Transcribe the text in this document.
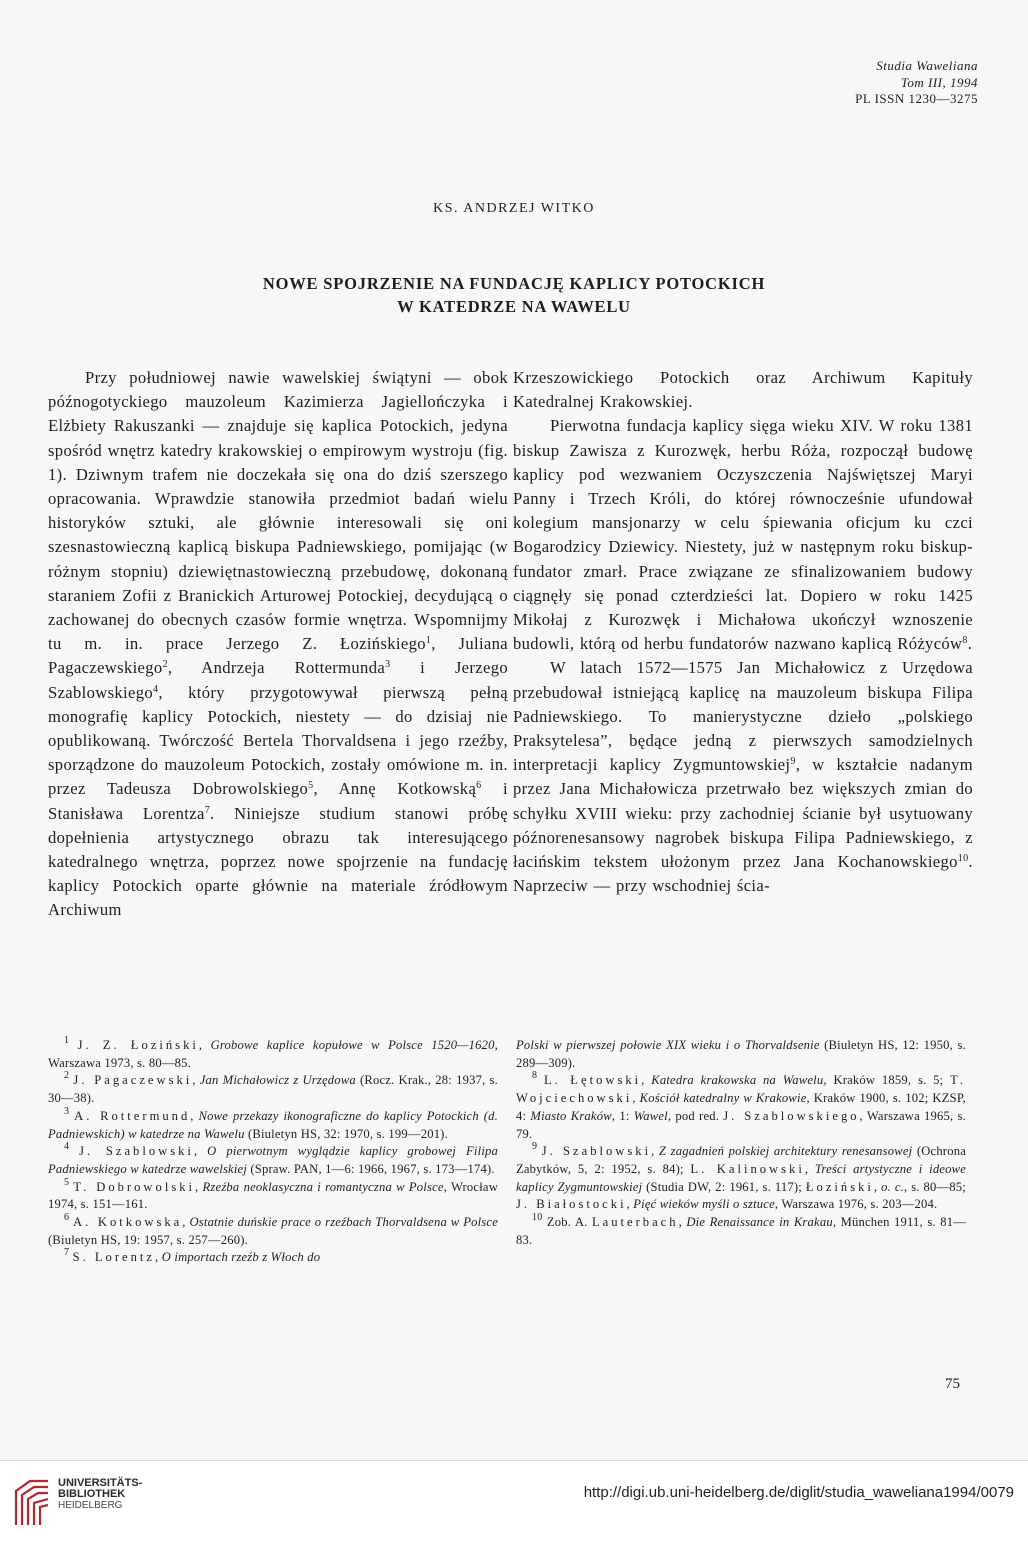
Studia Waweliana
Tom III, 1994
PL ISSN 1230—3275
KS. ANDRZEJ WITKO
NOWE SPOJRZENIE NA FUNDACJĘ KAPLICY POTOCKICH
W KATEDRZE NA WAWELU

Przy południowej nawie wawelskiej świątyni — obok późnogotyckiego mauzoleum Kazimierza Jagiellończyka i Elżbiety Rakuszanki — znajduje się kaplica Potockich, jedyna spośród wnętrz katedry krakowskiej o empirowym wystroju (fig. 1). Dziwnym trafem nie doczekała się ona do dziś szerszego opracowania. Wprawdzie stanowiła przedmiot badań wielu historyków sztuki, ale głównie interesowali się oni szesnastowieczną kaplicą biskupa Padniewskiego, pomijając (w różnym stopniu) dziewiętnastowieczną przebudowę, dokonaną staraniem Zofii z Branickich Arturowej Potockiej, decydującą o zachowanej do obecnych czasów formie wnętrza. Wspomnijmy tu m. in. prace Jerzego Z. Łozińskiego$^1$, Juliana Pagaczewskiego$^2$, Andrzeja Rottermunda$^3$ i Jerzego Szablowskiego$^4$, który przygotowywał pierwszą pełną monografię kaplicy Potockich, niestety — do dzisiaj nie opublikowaną. Twórczość Bertela Thorvaldsena i jego rzeźby, sporządzone do mauzoleum Potockich, zostały omówione m. in. przez Tadeusza Dobrowolskiego$^5$, Annę Kotkowską$^6$ i Stanisława Lorentza$^7$. Niniejsze studium stanowi próbę dopełnienia artystycznego obrazu tak interesującego katedralnego wnętrza, poprzez nowe spojrzenie na fundację kaplicy Potockich oparte głównie na materiale źródłowym Archiwum

Krzeszowickiego Potockich oraz Archiwum Kapituły Katedralnej Krakowskiej.

Pierwotna fundacja kaplicy sięga wieku XIV. W roku 1381 biskup Zawisza z Kurozwęk, herbu Róża, rozpoczął budowę kaplicy pod wezwaniem Oczyszczenia Najświętszej Maryi Panny i Trzech Króli, do której równocześnie ufundował kolegium mansjonarzy w celu śpiewania oficjum ku czci Bogarodzicy Dziewicy. Niestety, już w następnym roku biskup-fundator zmarł. Prace związane ze sfinalizowaniem budowy ciągnęły się ponad czterdzieści lat. Dopiero w roku 1425 Mikołaj z Kurozwęk i Michałowa ukończył wznoszenie budowli, którą od herbu fundatorów nazwano kaplicą Różyców$^8$.

W latach 1572—1575 Jan Michałowicz z Urzędowa przebudował istniejącą kaplicę na mauzoleum biskupa Filipa Padniewskiego. To manierystyczne dzieło „polskiego Praksytelesa”, będące jedną z pierwszych samodzielnych interpretacji kaplicy Zygmuntowskiej$^9$, w kształcie nadanym przez Jana Michałowicza przetrwało bez większych zmian do schyłku XVIII wieku: przy zachodniej ścianie był usytuowany późnorenesansowy nagrobek biskupa Filipa Padniewskiego, z łacińskim tekstem ułożonym przez Jana Kochanowskiego$^{10}$. Naprzeciw — przy wschodniej ścia-

$^1$ J. Z. Łoziński, Grobowe kaplice kopułowe w Polsce 1520—1620, Warszawa 1973, s. 80—85.

$^2$ J. Pagaczewski, Jan Michałowicz z Urzędowa (Rocz. Krak., 28: 1937, s. 30—38).

$^3$ A. Rottermund, Nowe przekazy ikonograficzne do kaplicy Potockich (d. Padniewskich) w katedrze na Wawelu (Biuletyn HS, 32: 1970, s. 199—201).

$^4$ J. Szablowski, O pierwotnym wyglądzie kaplicy grobowej Filipa Padniewskiego w katedrze wawelskiej (Spraw. PAN, 1—6: 1966, 1967, s. 173—174).

$^5$ T. Dobrowolski, Rzeźba neoklasyczna i romantyczna w Polsce, Wrocław 1974, s. 151—161.

$^6$ A. Kotkowska, Ostatnie duńskie prace o rzeźbach Thorvaldsena w Polsce (Biuletyn HS, 19: 1957, s. 257—260).

$^7$ S. Lorentz, O importach rzeźb z Włoch do

Polski w pierwszej połowie XIX wieku i o Thorvaldsenie (Biuletyn HS, 12: 1950, s. 289—309).

$^8$ L. Łętowski, Katedra krakowska na Wawelu, Kraków 1859, s. 5; T. Wojciechowski, Kościół katedralny w Krakowie, Kraków 1900, s. 102; KZSP, 4: Miasto Kraków, 1: Wawel, pod red. J. Szablowskiego, Warszawa 1965, s. 79.

$^9$ J. Szablowski, Z zagadnień polskiej architektury renesansowej (Ochrona Zabytków, 5, 2: 1952, s. 84); L. Kalinowski, Treści artystyczne i ideowe kaplicy Zygmuntowskiej (Studia DW, 2: 1961, s. 117); Łoziński, o. c., s. 80—85; J. Białostocki, Pięć wieków myśli o sztuce, Warszawa 1976, s. 203—204.

$^{10}$ Zob. A. Lauterbach, Die Renaissance in Krakau, München 1911, s. 81—83.

75
UNIVERSITÄTS-
BIBLIOTHEK
HEIDELBERG
http://digi.ub.uni-heidelberg.de/diglit/studia_waweliana1994/0079
